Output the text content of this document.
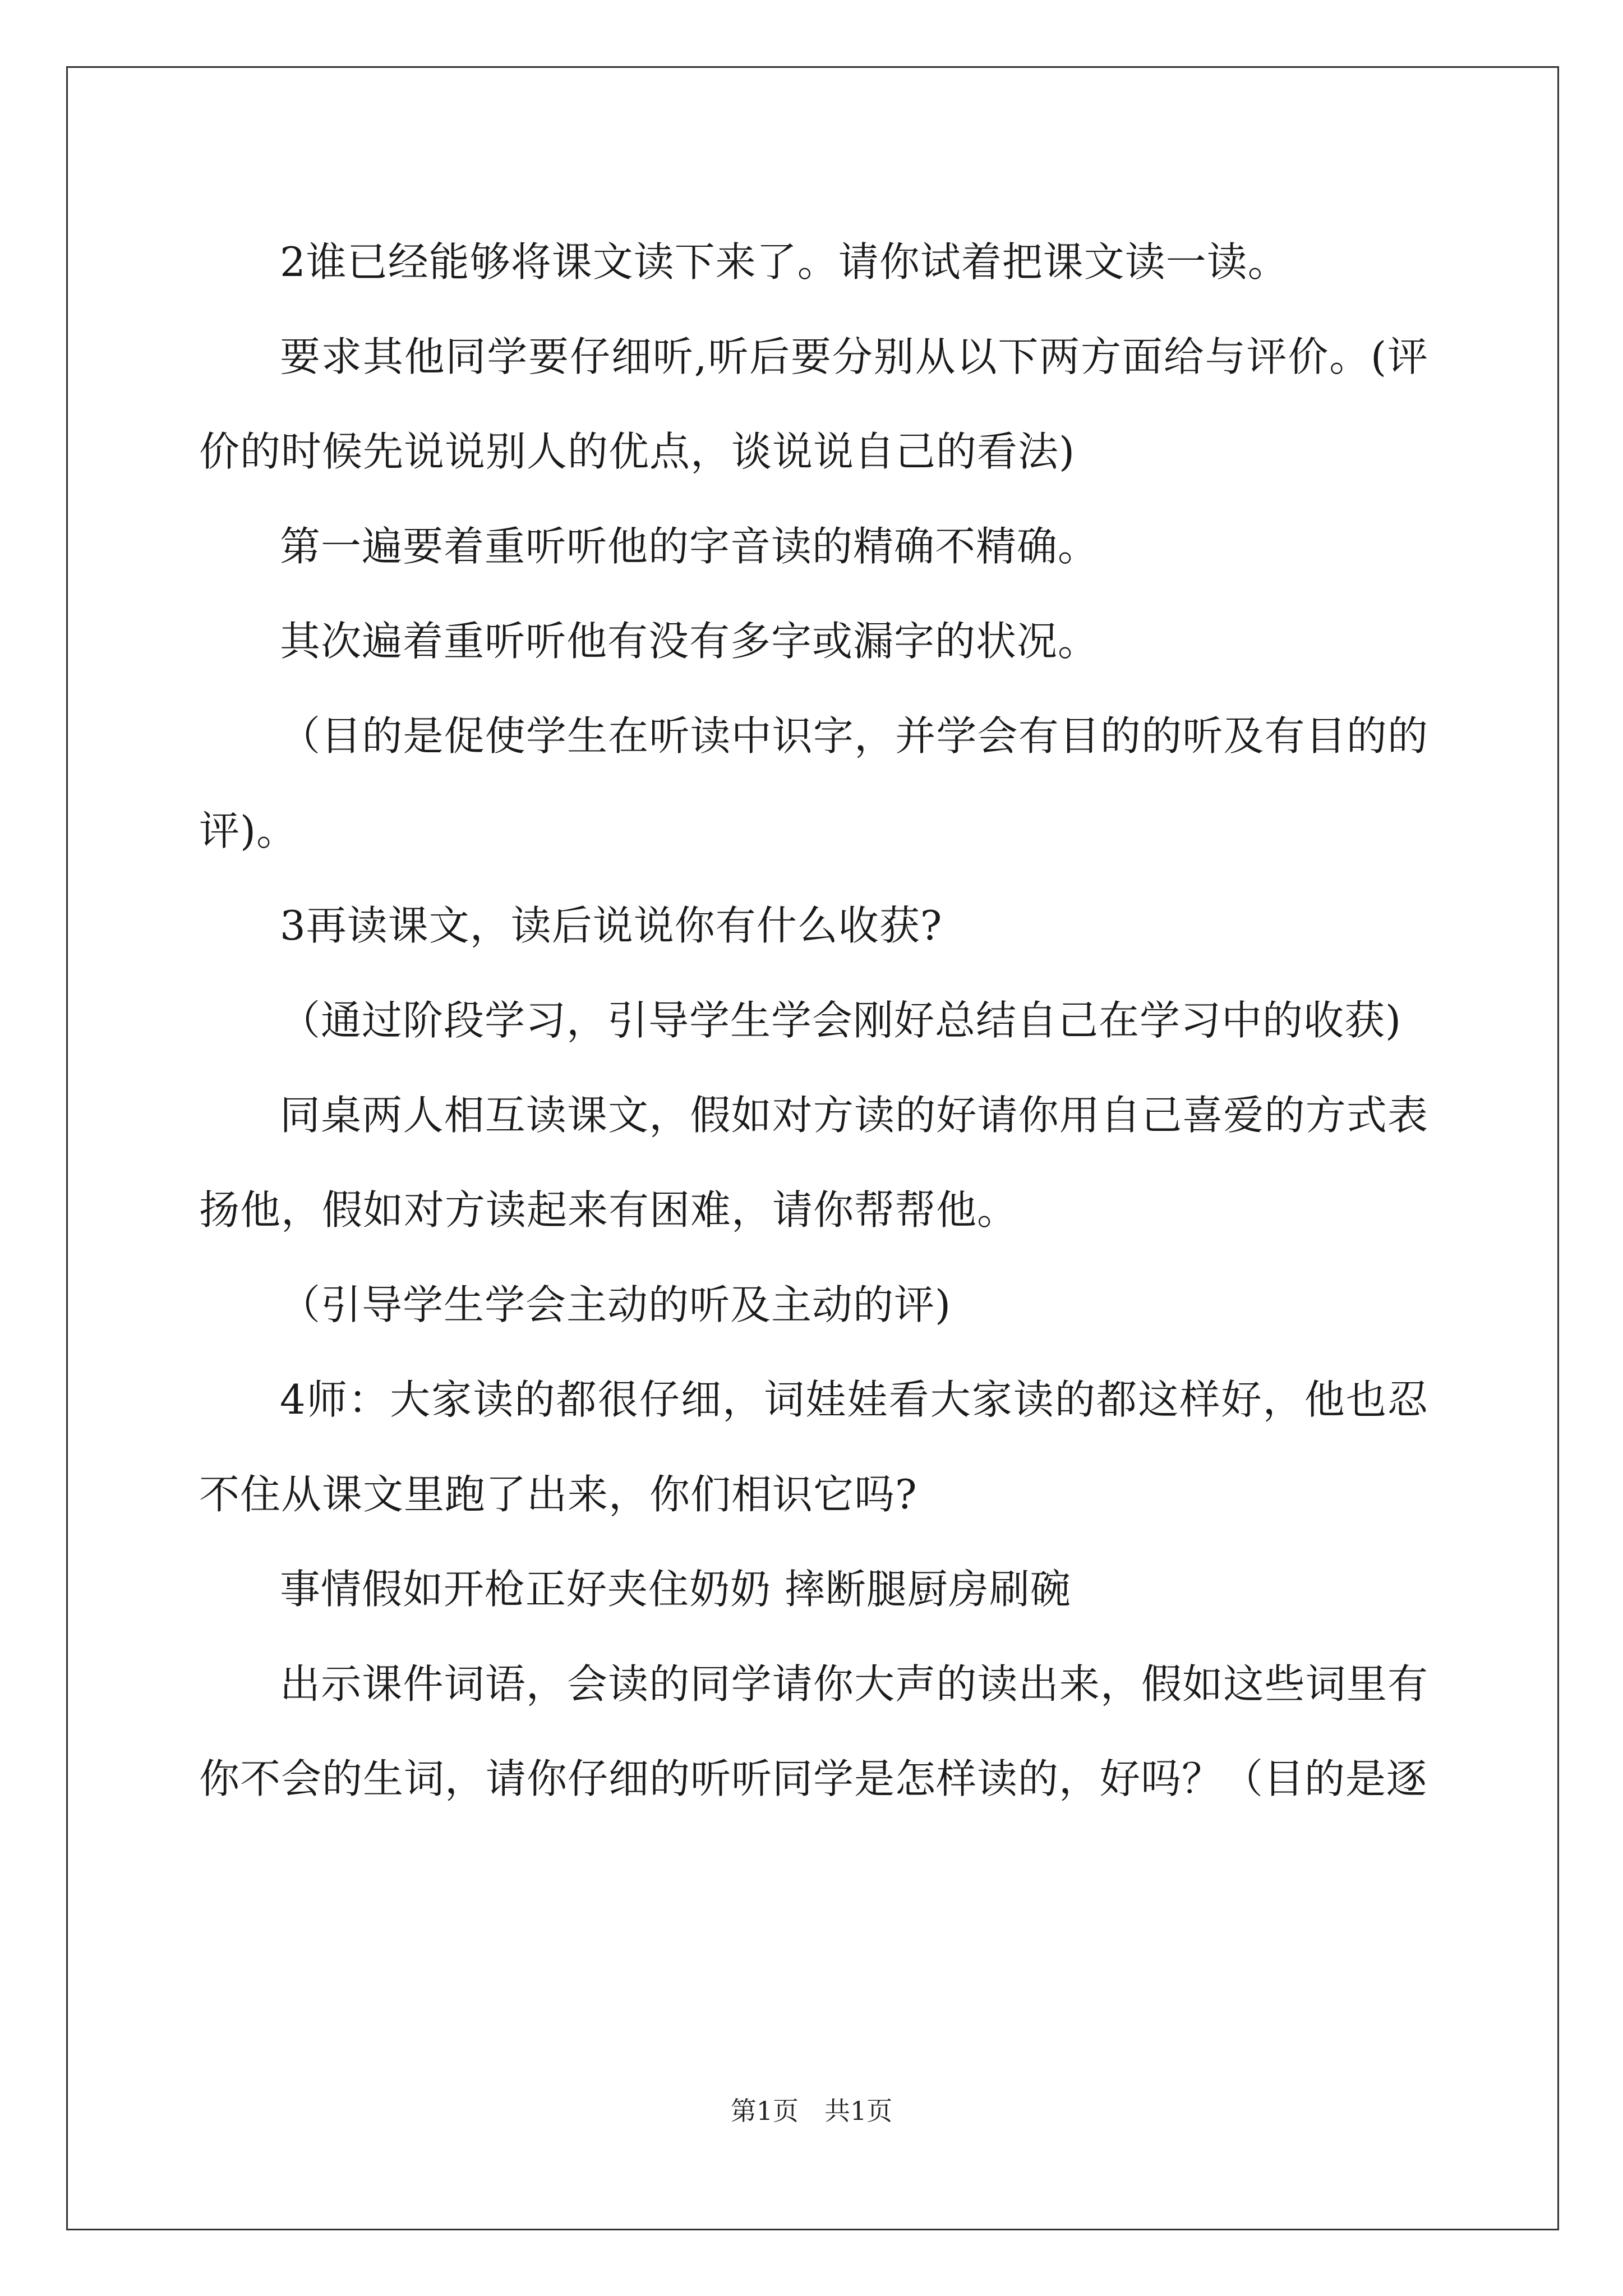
2谁已经能够将课文读下来了。请你试着把课文读一读。

要求其他同学要仔细听,听后要分别从以下两方面给与评价。(评价的时候先说说别人的优点，谈说说自己的看法)

第一遍要着重听听他的字音读的精确不精确。

其次遍着重听听他有没有多字或漏字的状况。

（目的是促使学生在听读中识字，并学会有目的的听及有目的的评)。

3再读课文，读后说说你有什么收获?

（通过阶段学习，引导学生学会刚好总结自己在学习中的收获)

同桌两人相互读课文，假如对方读的好请你用自己喜爱的方式表扬他，假如对方读起来有困难，请你帮帮他。

（引导学生学会主动的听及主动的评)

4师：大家读的都很仔细，词娃娃看大家读的都这样好，他也忍不住从课文里跑了出来，你们相识它吗?

事情假如开枪正好夹住奶奶 摔断腿厨房刷碗

出示课件词语，会读的同学请你大声的读出来，假如这些词里有你不会的生词，请你仔细的听听同学是怎样读的，好吗？（目的是逐

第1页　共1页
